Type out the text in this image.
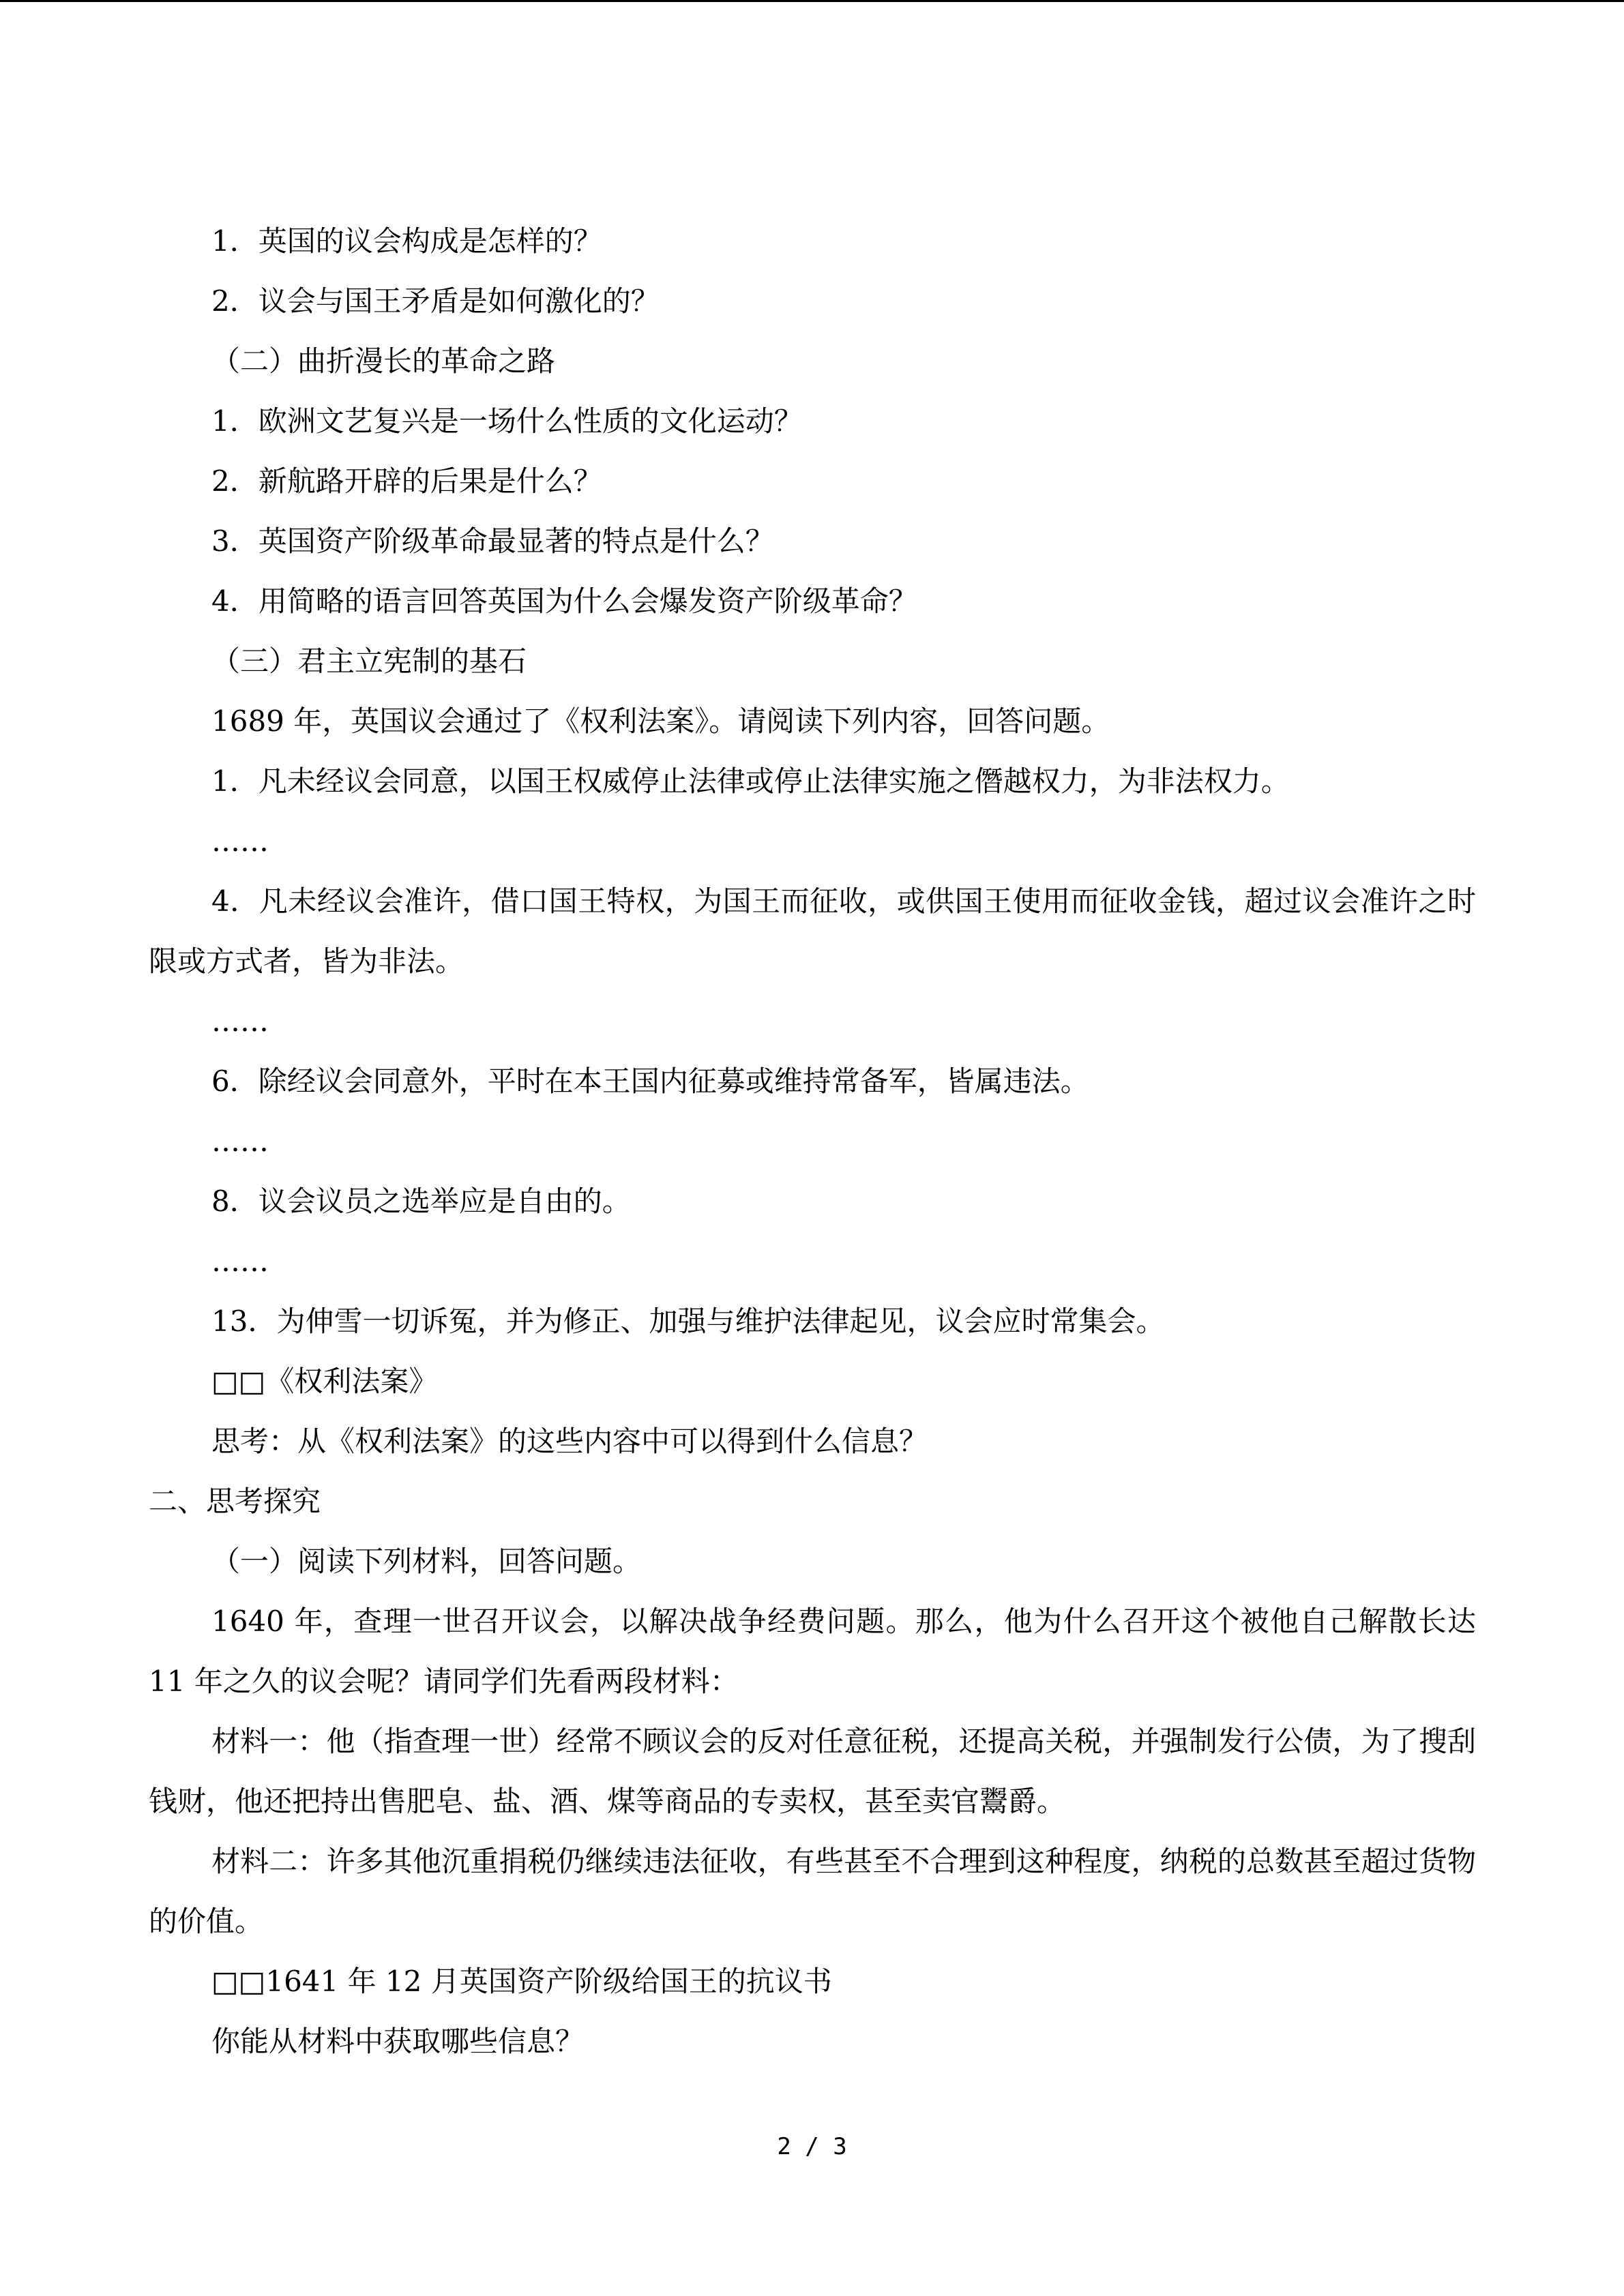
1．英国的议会构成是怎样的？
2．议会与国王矛盾是如何激化的？
（二）曲折漫长的革命之路
1．欧洲文艺复兴是一场什么性质的文化运动？
2．新航路开辟的后果是什么？
3．英国资产阶级革命最显著的特点是什么？
4．用简略的语言回答英国为什么会爆发资产阶级革命？
（三）君主立宪制的基石
1689 年，英国议会通过了《权利法案》。请阅读下列内容，回答问题。
1．凡未经议会同意，以国王权威停止法律或停止法律实施之僭越权力，为非法权力。
……
4．凡未经议会准许，借口国王特权，为国王而征收，或供国王使用而征收金钱，超过议会准许之时限或方式者，皆为非法。
……
6．除经议会同意外，平时在本王国内征募或维持常备军，皆属违法。
……
8．议会议员之选举应是自由的。
……
13．为伸雪一切诉冤，并为修正、加强与维护法律起见，议会应时常集会。
□□《权利法案》
思考：从《权利法案》的这些内容中可以得到什么信息？
二、思考探究
（一）阅读下列材料，回答问题。
1640 年，查理一世召开议会，以解决战争经费问题。那么，他为什么召开这个被他自己解散长达 11 年之久的议会呢？请同学们先看两段材料：
材料一：他（指查理一世）经常不顾议会的反对任意征税，还提高关税，并强制发行公债，为了搜刮钱财，他还把持出售肥皂、盐、酒、煤等商品的专卖权，甚至卖官鬻爵。
材料二：许多其他沉重捐税仍继续违法征收，有些甚至不合理到这种程度，纳税的总数甚至超过货物的价值。
□□1641 年 12 月英国资产阶级给国王的抗议书
你能从材料中获取哪些信息？
2 / 3
